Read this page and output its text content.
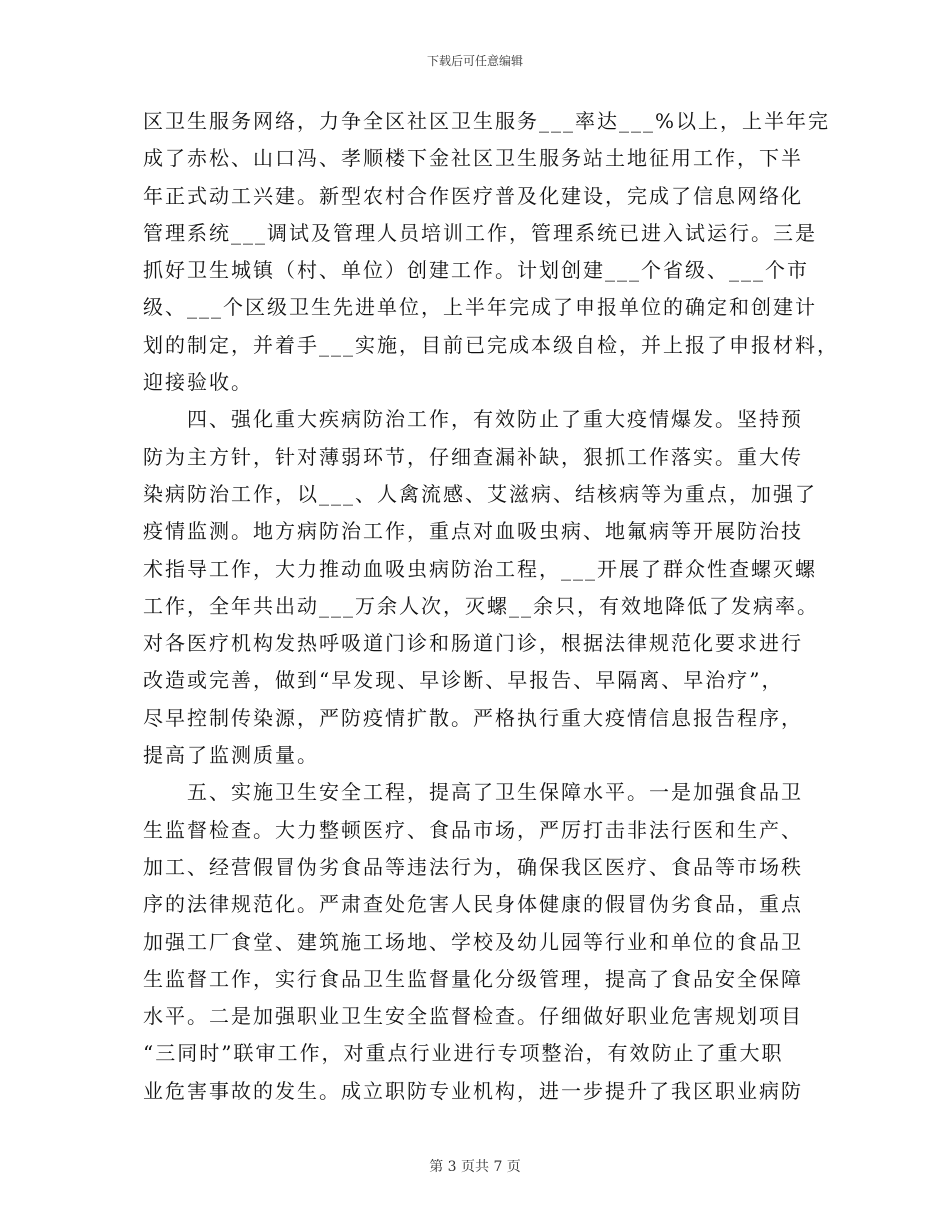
下载后可任意编辑
区卫生服务网络，力争全区社区卫生服务___率达___%以上，上半年完
成了赤松、山口冯、孝顺楼下金社区卫生服务站土地征用工作，下半
年正式动工兴建。新型农村合作医疗普及化建设，完成了信息网络化
管理系统___调试及管理人员培训工作，管理系统已进入试运行。三是
抓好卫生城镇（村、单位）创建工作。计划创建___个省级、___个市
级、___个区级卫生先进单位，上半年完成了申报单位的确定和创建计
划的制定，并着手___实施，目前已完成本级自检，并上报了申报材料，
迎接验收。
　　四、强化重大疾病防治工作，有效防止了重大疫情爆发。坚持预
防为主方针，针对薄弱环节，仔细查漏补缺，狠抓工作落实。重大传
染病防治工作，以___、人禽流感、艾滋病、结核病等为重点，加强了
疫情监测。地方病防治工作，重点对血吸虫病、地氟病等开展防治技
术指导工作，大力推动血吸虫病防治工程，___开展了群众性查螺灭螺
工作，全年共出动___万余人次，灭螺__余只，有效地降低了发病率。
对各医疗机构发热呼吸道门诊和肠道门诊，根据法律规范化要求进行
改造或完善，做到“早发现、早诊断、早报告、早隔离、早治疗”，
尽早控制传染源，严防疫情扩散。严格执行重大疫情信息报告程序，
提高了监测质量。
　　五、实施卫生安全工程，提高了卫生保障水平。一是加强食品卫
生监督检查。大力整顿医疗、食品市场，严厉打击非法行医和生产、
加工、经营假冒伪劣食品等违法行为，确保我区医疗、食品等市场秩
序的法律规范化。严肃查处危害人民身体健康的假冒伪劣食品，重点
加强工厂食堂、建筑施工场地、学校及幼儿园等行业和单位的食品卫
生监督工作，实行食品卫生监督量化分级管理，提高了食品安全保障
水平。二是加强职业卫生安全监督检查。仔细做好职业危害规划项目
“三同时”联审工作，对重点行业进行专项整治，有效防止了重大职
业危害事故的发生。成立职防专业机构，进一步提升了我区职业病防
第 3 页共 7 页
